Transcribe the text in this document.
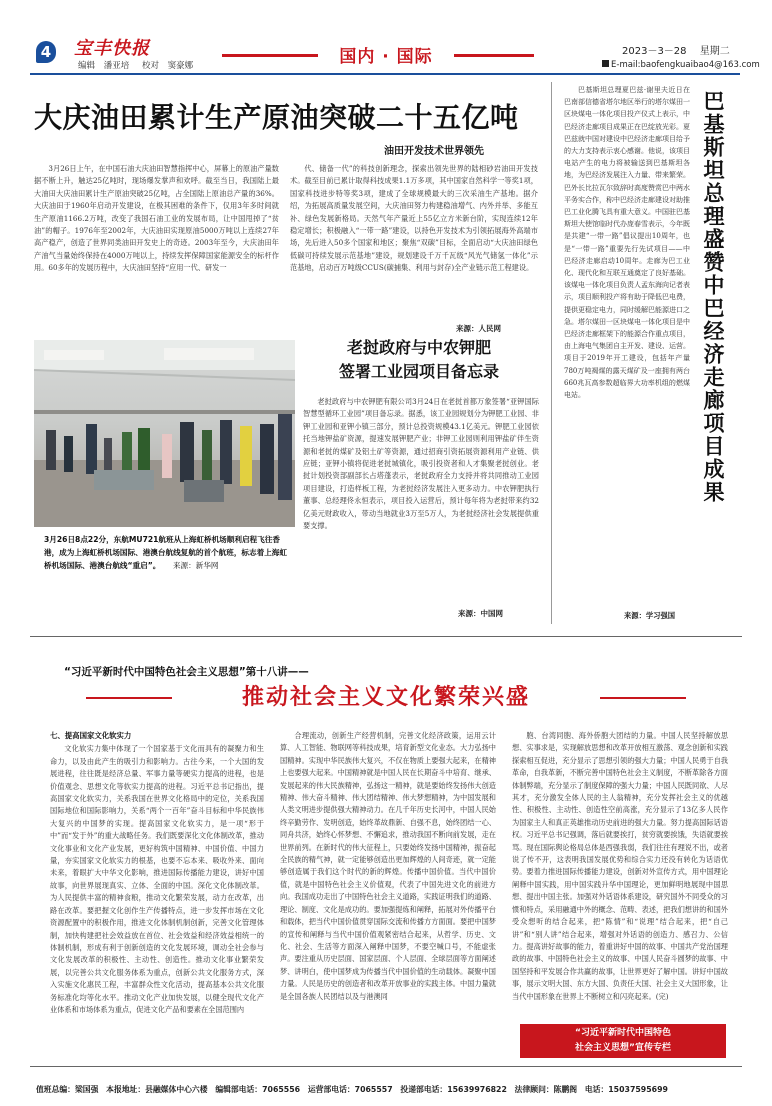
4 宝丰快报
编辑 潘亚培 校对 窦豪娜	国内 · 国际	2023－3－28 星期二
E-mail:baofengkuaibao4@163.com
大庆油田累计生产原油突破二十五亿吨
油田开发技术世界领先
3月26日上午，在中国石油大庆油田智慧指挥中心，屏幕上的原油产量数据不断上升，触达25亿吨时，现场爆发掌声和欢呼。截至当日，我国陆上最大油田大庆油田累计生产原油突破25亿吨，占全国陆上原油总产量的36%。大庆油田于1960年启动开发建设，在极其困难的条件下，仅用3年多时间就生产原油1166.2万吨，改变了我国石油工业的发展布局，让中国甩掉了“贫油”的帽子。1976年至2002年，大庆油田实现原油5000万吨以上连续27年高产稳产，创造了世界同类油田开发史上的奇迹。2003年至今，大庆油田年产油气当量始终保持在4000万吨以上，持续发挥保障国家能源安全的标杆作用。60多年的发展历程中，大庆油田坚持“应用一代、研发一
代、储备一代”的科技创新理念，探索出领先世界的陆相砂岩油田开发技术。截至目前已累计取得科技成果1.1万多项，其中国家自然科学一等奖1项，国家科技进步特等奖3项，建成了全球规模最大的三次采油生产基地。据介绍，为拓展高质量发展空间，大庆油田努力构建稳油增气、内外并举、多能互补、绿色发展新格局。天然气年产量近上55亿立方米新台阶，实现连续12年稳定增长；积极融入“一带一路”建设，以持色开发技术为引领拓展海外高端市场，先后进入50多个国家和地区；聚焦“双碳”目标，全面启动“大庆油田绿色低碳可持续发展示范基地”建设，规划建设千万千瓦级“风光气储氢一体化”示范基地，启动百万吨级CCUS(碳捕集、利用与封存)全产业链示范工程建设。
来源：人民网
3月26日8点22分，东航MU721航班从上海虹桥机场顺利启程飞往香港，成为上海虹桥机场国际、港澳台航线复航的首个航班，标志着上海虹桥机场国际、港澳台航线“重启”。 来源：新华网
老挝政府与中农钾肥
签署工业园项目备忘录
老挝政府与中农钾肥有限公司3月24日在老挝首都万象签署“亚钾国际智慧型循环工业园”项目备忘录。据悉，该工业园规划分为钾肥工业园、非钾工业园和亚钾小镇三部分，预计总投资规模43.1亿美元。钾肥工业园依托当地钾盐矿资源，提速发展钾肥产业；非钾工业园则利用钾盐矿伴生资源和老挝的煤矿及铝土矿等资源，通过招商引资拓展资源利用产业链、供应链；亚钾小镇将促进老挝城镇化，吸引投资者和人才集聚老挝创业。老挝计划投资部副部长占塔蓬表示，老挝政府全力支持并将共同推动工业园项目建设，打造样板工程，为老挝经济发展注入更多动力。中农钾肥执行董事、总经理佟永恒表示，项目投入运营后，预计每年将为老挝带来约32亿美元财政收入，带动当地就业3万至5万人，为老挝经济社会发展提供重要支撑。
来源：中国网
巴基斯坦总理夏巴兹·谢里夫近日在巴南部信德省塔尔地区举行的塔尔煤田一区块煤电一体化项目投产仪式上表示，中巴经济走廊项目成果正在巴绽放光彩。夏巴兹就中国对建设中巴经济走廊项目给予的大力支持表示衷心感谢。他说，该项目电站产生的电力将被输送到巴基斯坦各地，为巴经济发展注入力量、带来繁荣。巴外长比拉瓦尔致辞时高度赞赏巴中两水平务实合作，称中巴经济走廊建设对助推巴工业化腾飞具有重大意义。中国驻巴基斯坦大使馆临时代办庞春雪表示，今年既是共建“一带一路”倡议提出10周年，也是“一带一路”重要先行先试项目——中巴经济走廊启动10周年。走廊为巴工业化、现代化和互联互通奠定了良好基础。该煤电一体化项目负责人孟东海向记者表示，项目顺利投产将有助于降低巴电费，提供更稳定电力，同时缓解巴能源进口之急。塔尔煤田一区块煤电一体化项目是中巴经济走廊框架下的能源合作重点项目，由上海电气集团自主开发、建设、运营。项目于2019年开工建设，包括年产量780万吨褐煤的露天煤矿及一座拥有两台660兆瓦高参数超临界大功率机组的燃煤电站。
来源：学习强国
巴基斯坦总理盛赞中巴经济走廊项目成果
“习近平新时代中国特色社会主义思想”第十八讲——
推动社会主义文化繁荣兴盛
七、提高国家文化软实力
文化软实力集中体现了一个国家基于文化而具有的凝聚力和生命力，以及由此产生的吸引力和影响力。古往今来，一个大国的发展进程，往往既是经济总量、军事力量等硬实力提高的进程，也是价值观念、思想文化等软实力提高的进程。习近平总书记指出，提高国家文化软实力，关系我国在世界文化格局中的定位，关系我国国际地位和国际影响力，关系“两个一百年”奋斗目标和中华民族伟大复兴的中国梦的实现。提高国家文化软实力，是一项“形于中”而“发于外”的重大战略任务。我们既要深化文化体制改革，推动文化事业和文化产业发展，更好构筑中国精神、中国价值、中国力量，夯实国家文化软实力的根基，也要不忘本来、吸收外来、面向未来，着眼扩大中华文化影响，推进国际传播能力建设，讲好中国故事，向世界展现真实、立体、全面的中国。深化文化体制改革。为人民提供丰富的精神食粮，推动文化繁荣发展，动力在改革，出路在改革。要把握文化创作生产传播特点，进一步发挥市场在文化资源配置中的积极作用，推进文化体制机制创新，完善文化管理体制，加快构建把社会效益放在首位、社会效益和经济效益相统一的体制机制，形成有利于创新创造的文化发展环境，调动全社会参与文化发展改革的积极性、主动性、创造性。推动文化事业繁荣发展，以完善公共文化服务体系为重点，创新公共文化服务方式，深入实施文化惠民工程，丰富群众性文化活动，提高基本公共文化服务标准化均等化水平。推动文化产业加快发展，以健全现代文化产业体系和市场体系为重点，促进文化产品和要素在全国范围内
合理流动，创新生产经营机制，完善文化经济政策，运用云计算、人工智能、物联网等科技成果，培育新型文化业态。大力弘扬中国精神。实现中华民族伟大复兴，不仅在物质上要强大起来，在精神上也要强大起来。中国精神就是中国人民在长期奋斗中培育、继承、发展起来的伟大民族精神，弘扬这一精神，就是要始终发扬伟大创造精神、伟大奋斗精神、伟大团结精神、伟大梦想精神，为中国发展和人类文明进步提供强大精神动力。在几千年历史长河中，中国人民始终辛勤劳作、发明创造，始终革故鼎新、自强不息，始终团结一心、同舟共济，始终心怀梦想、不懈追求，推动我国不断向前发展，走在世界前列。在新时代的伟大征程上，只要始终发扬中国精神，振奋起全民族的精气神，就一定能够创造出更加辉煌的人间奇迹，就一定能够创造属于我们这个时代的新的辉煌。传播中国价值。当代中国价值，就是中国特色社会主义价值观，代表了中国先进文化的前进方向。我国成功走出了中国特色社会主义道路，实践证明我们的道路、理论、制度、文化是成功的。要加强提炼和阐释，拓展对外传播平台和载体，把当代中国价值贯穿国际交流和传播方方面面。要把中国梦的宣传和阐释与当代中国价值观紧密结合起来，从哲学、历史、文化、社会、生活等方面深入阐释中国梦，不要空喊口号，不能虚张声。要注重从历史层面、国家层面、个人层面、全球层面等方面阐述梦、讲明白，使中国梦成为传播当代中国价值的生动载体。凝聚中国力量。人民是历史的创造者和改革开放事业的实践主体。中国力量就是全国各族人民团结以及与港澳同
胞、台湾同胞、海外侨胞大团结的力量。中国人民坚持解放思想、实事求是，实现解放思想和改革开放相互激荡、观念创新和实践探索相互促进，充分显示了思想引领的强大力量；中国人民勇于自我革命，自我革新，不断完善中国特色社会主义制度，不断革除各方面体制弊端，充分显示了制度保障的强大力量；中国人民既同欲、人尽其才，充分激发全体人民的主人翁精神，充分发挥社会主义的优越性、积极性、主动性、创造性空前高涨，充分显示了13亿多人民作为国家主人和真正英雄推动历史前进的强大力量。努力提高国际话语权。习近平总书记强调，落后就要挨打，贫穷就要挨饿，失语就要挨骂。现在国际舆论格局总体是西强我弱，我们往往有理说不出，或者说了传不开，这表明我国发展优势和综合实力还没有转化为话语优势。要着力推进国际传播能力建设，创新对外宣传方式，用中国理论阐释中国实践，用中国实践升华中国理论，更加鲜明地展现中国思想、提出中国主张。加强对外话语体系建设，研究国外不同受众的习惯和特点，采用融通中外的概念、范畴、表述，把我们想讲的和国外受众想听的结合起来，把“陈情”和“说理”结合起来，把“自己讲”和“别人讲”结合起来，增强对外话语的创造力、感召力、公信力。提高讲好故事的能力，着重讲好中国的故事、中国共产党治国理政的故事、中国特色社会主义的故事、中国人民奋斗圆梦的故事、中国坚持和平发展合作共赢的故事，让世界更好了解中国。讲好中国故事，展示文明大国、东方大国、负责任大国、社会主义大国形象，让当代中国形象在世界上不断树立和闪亮起来。(完)
“习近平新时代中国特色
社会主义思想”宣传专栏
值班总编：梁国强　本报地址：县融媒体中心六楼　编辑部电话：7065556　运营部电话：7065557　投递部电话：15639976822　法律顾问：陈鹏阁　电话：15037595699
